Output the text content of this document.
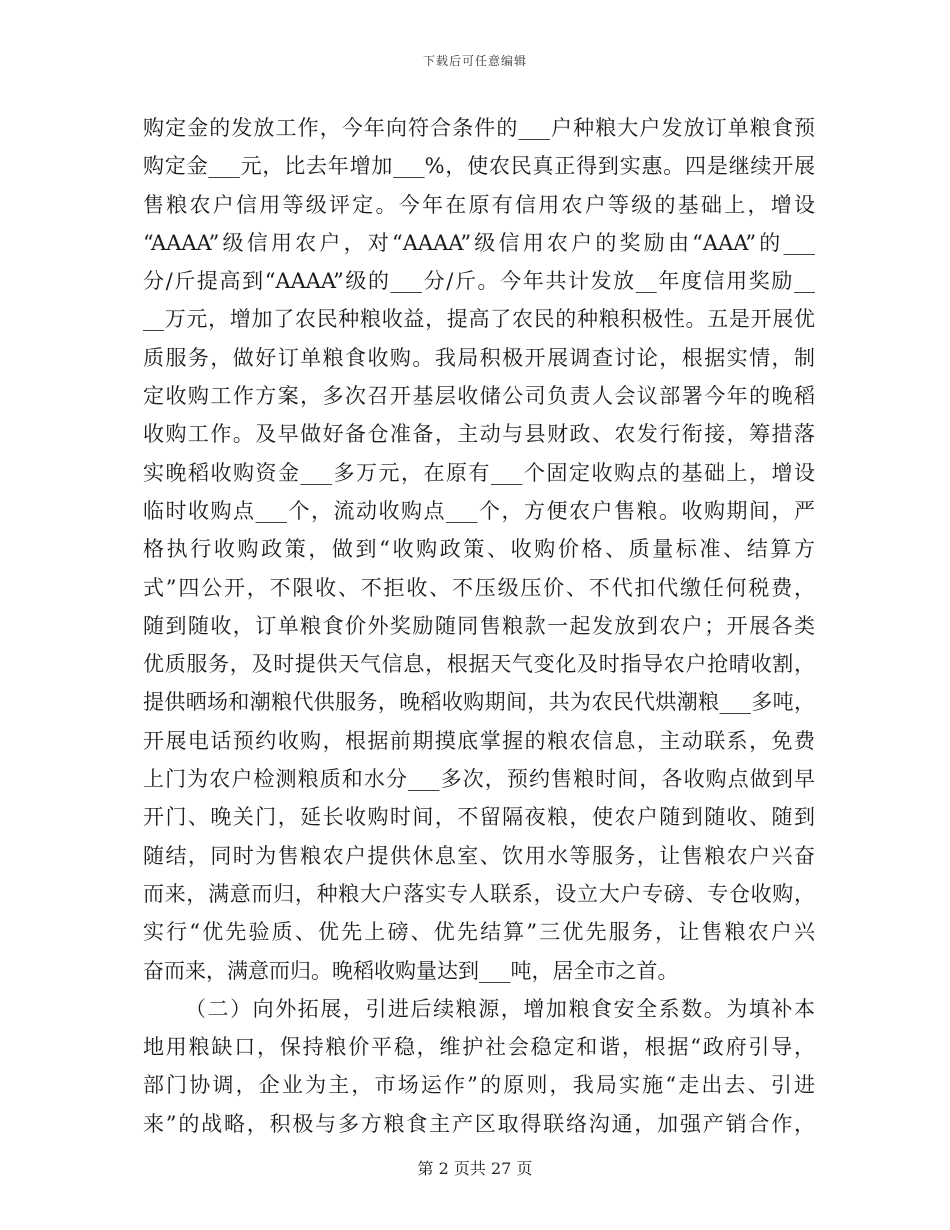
下载后可任意编辑
购定金的发放工作，今年向符合条件的___户种粮大户发放订单粮食预
购定金___元，比去年增加___%，使农民真正得到实惠。四是继续开展
售粮农户信用等级评定。今年在原有信用农户等级的基础上，增设
“AAAA”级信用农户，对“AAAA”级信用农户的奖励由“AAA”的___
分/斤提高到“AAAA”级的___分/斤。今年共计发放__年度信用奖励__
__万元，增加了农民种粮收益，提高了农民的种粮积极性。五是开展优
质服务，做好订单粮食收购。我局积极开展调查讨论，根据实情，制
定收购工作方案，多次召开基层收储公司负责人会议部署今年的晚稻
收购工作。及早做好备仓准备，主动与县财政、农发行衔接，筹措落
实晚稻收购资金___多万元，在原有___个固定收购点的基础上，增设
临时收购点___个，流动收购点___个，方便农户售粮。收购期间，严
格执行收购政策，做到“收购政策、收购价格、质量标准、结算方
式”四公开，不限收、不拒收、不压级压价、不代扣代缴任何税费，
随到随收，订单粮食价外奖励随同售粮款一起发放到农户；开展各类
优质服务，及时提供天气信息，根据天气变化及时指导农户抢晴收割，
提供晒场和潮粮代供服务，晚稻收购期间，共为农民代烘潮粮___多吨，
开展电话预约收购，根据前期摸底掌握的粮农信息，主动联系，免费
上门为农户检测粮质和水分___多次，预约售粮时间，各收购点做到早
开门、晚关门，延长收购时间，不留隔夜粮，使农户随到随收、随到
随结，同时为售粮农户提供休息室、饮用水等服务，让售粮农户兴奋
而来，满意而归，种粮大户落实专人联系，设立大户专磅、专仓收购，
实行“优先验质、优先上磅、优先结算”三优先服务，让售粮农户兴
奋而来，满意而归。晚稻收购量达到___吨，居全市之首。
（二）向外拓展，引进后续粮源，增加粮食安全系数。为填补本
地用粮缺口，保持粮价平稳，维护社会稳定和谐，根据“政府引导，
部门协调，企业为主，市场运作”的原则，我局实施“走出去、引进
来”的战略，积极与多方粮食主产区取得联络沟通，加强产销合作，
第 2 页共 27 页
